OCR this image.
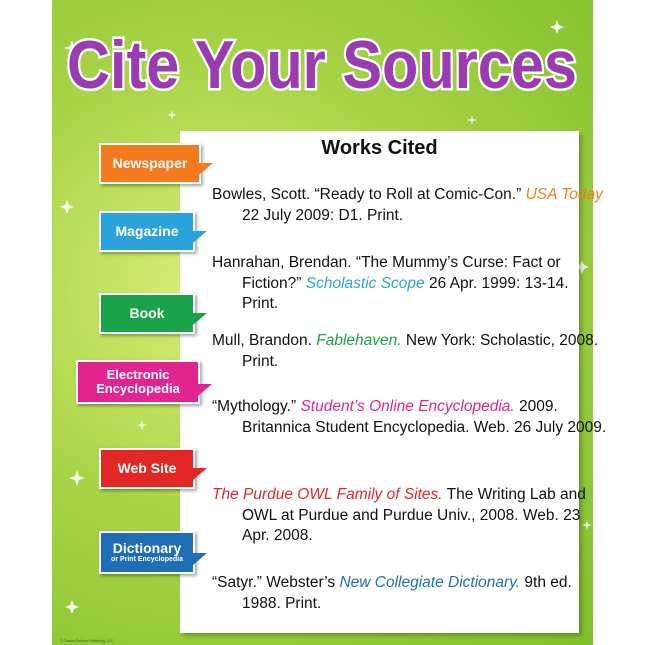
Cite Your Sources
Works Cited
Bowles, Scott. “Ready to Roll at Comic-Con.” USA Today 22 July 2009: D1. Print.
Hanrahan, Brendan. “The Mummy’s Curse: Fact or Fiction?” Scholastic Scope 26 Apr. 1999: 13-14. Print.
Mull, Brandon. Fablehaven. New York: Scholastic, 2008. Print.
“Mythology.” Student’s Online Encyclopedia. 2009. Britannica Student Encyclopedia. Web. 26 July 2009.
The Purdue OWL Family of Sites. The Writing Lab and OWL at Purdue and Purdue Univ., 2008. Web. 23 Apr. 2008.
“Satyr.” Webster’s New Collegiate Dictionary. 9th ed. 1988. Print.
Newspaper
Magazine
Book
Electronic
Encyclopedia
Web Site
Dictionary
or Print Encyclopedia
© Carson-Dellosa Publishing, LLC
